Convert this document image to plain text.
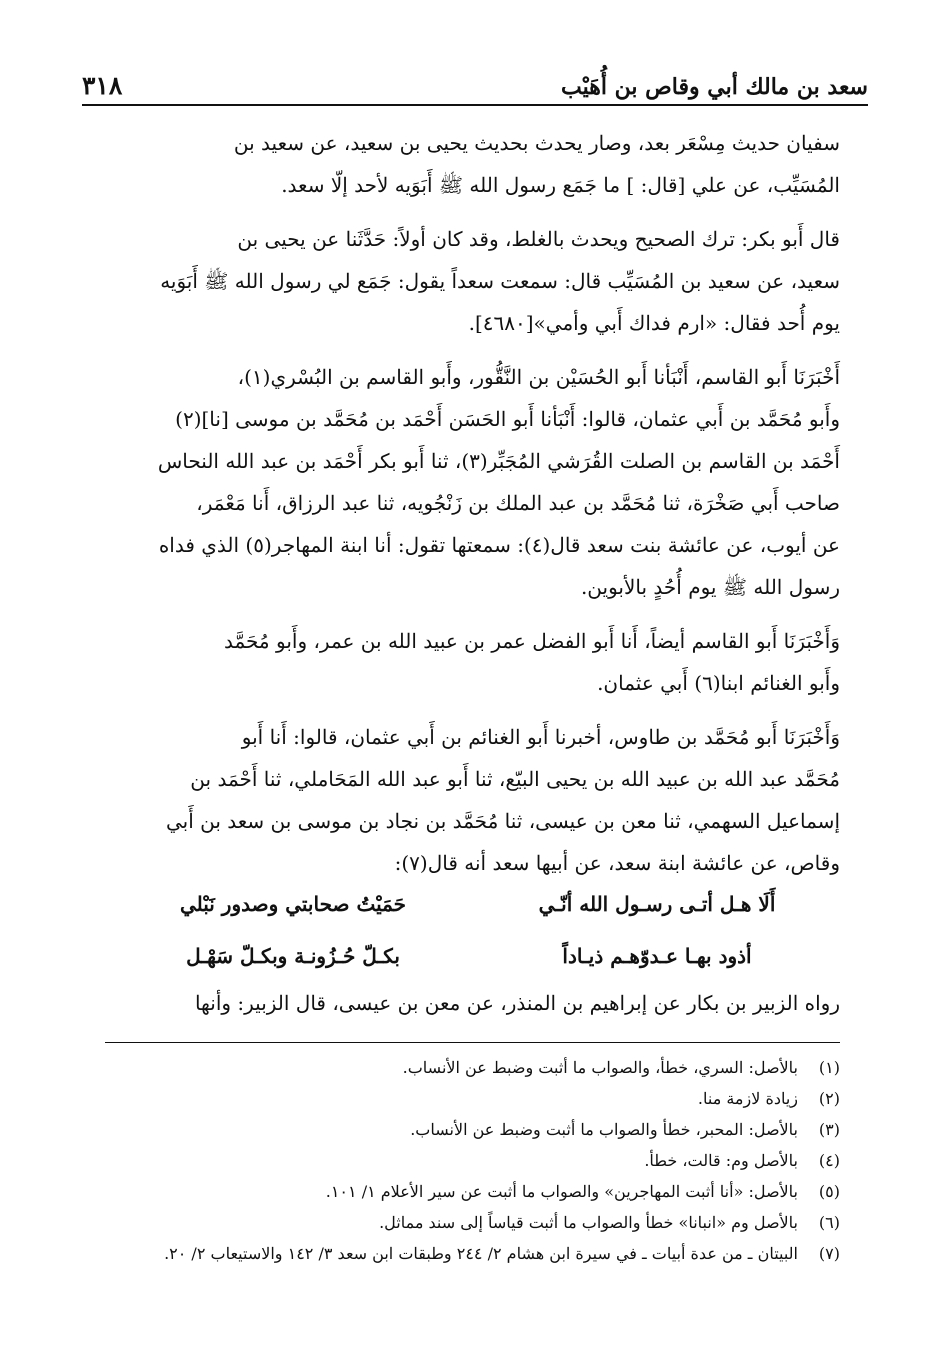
سعد بن مالك أبي وقاص بن أُهَيْب
٣١٨

سفيان حديث مِسْعَر بعد، وصار يحدث بحديث يحيى بن سعيد، عن سعيد بن
المُسَيِّب، عن علي [قال: ] ما جَمَع رسول الله ﷺ أَبَوَيه لأحد إلّا سعد.

قال أَبو بكر: ترك الصحيح ويحدث بالغلط، وقد كان أولاً: حَدَّثَنا عن يحيى بن
سعيد، عن سعيد بن المُسَيِّب قال: سمعت سعداً يقول: جَمَع لي رسول الله ﷺ أَبَوَيه
يوم أُحد فقال: «ارم فداك أَبي وأمي»[٤٦٨٠].

أَخْبَرَنَا أَبو القاسم، أَنْبَأنا أَبو الحُسَيْن بن النَّقُّور، وأَبو القاسم بن البُسْري(١)،
وأَبو مُحَمَّد بن أَبي عثمان، قالوا: أَنْبَأنا أَبو الحَسَن أَحْمَد بن مُحَمَّد بن موسى [نا](٢)
أَحْمَد بن القاسم بن الصلت القُرَشي المُجَبِّر(٣)، ثنا أَبو بكر أَحْمَد بن عبد الله النحاس
صاحب أَبي صَخْرَة، ثنا مُحَمَّد بن عبد الملك بن زَنْجُويه، ثنا عبد الرزاق، أَنا مَعْمَر،
عن أيوب، عن عائشة بنت سعد قال(٤): سمعتها تقول: أنا ابنة المهاجر(٥) الذي فداه
رسول الله ﷺ يوم أُحُدٍ بالأبوين.

وَأَخْبَرَنَا أَبو القاسم أيضاً، أَنا أَبو الفضل عمر بن عبيد الله بن عمر، وأَبو مُحَمَّد
وأَبو الغنائم ابنا(٦) أَبي عثمان.

وَأَخْبَرَنَا أَبو مُحَمَّد بن طاوس، أخبرنا أَبو الغنائم بن أَبي عثمان، قالوا: أَنا أَبو
مُحَمَّد عبد الله بن عبيد الله بن يحيى البيّع، ثنا أَبو عبد الله المَحَاملي، ثنا أَحْمَد بن
إسماعيل السهمي، ثنا معن بن عيسى، ثنا مُحَمَّد بن نجاد بن موسى بن سعد بن أَبي
وقاص، عن عائشة ابنة سعد، عن أبيها سعد أنه قال(٧):

أَلَا هـل أتـى رسـول الله أنّـي
حَمَيْتُ صحابتي وصدور نَبْلي
أذود بهـا عـدوّهـم ذيـاداً
بكـلّ حُـزُونـة وبكـلّ سَهْـل
رواه الزبير بن بكار عن إبراهيم بن المنذر، عن معن بن عيسى، قال الزبير: وأنها
(١)
بالأصل: السري، خطأ، والصواب ما أثبت وضبط عن الأنساب.
(٢)
زيادة لازمة منا.
(٣)
بالأصل: المحبر، خطأ والصواب ما أثبت وضبط عن الأنساب.
(٤)
بالأصل وم: قالت، خطأ.
(٥)
بالأصل: «أنا أثبت المهاجرين» والصواب ما أثبت عن سير الأعلام ١/ ١٠١.
(٦)
بالأصل وم «انبانا» خطأ والصواب ما أثبت قياساً إلى سند مماثل.
(٧)
البيتان ـ من عدة أبيات ـ في سيرة ابن هشام ٢/ ٢٤٤ وطبقات ابن سعد ٣/ ١٤٢ والاستيعاب ٢/ ٢٠.
